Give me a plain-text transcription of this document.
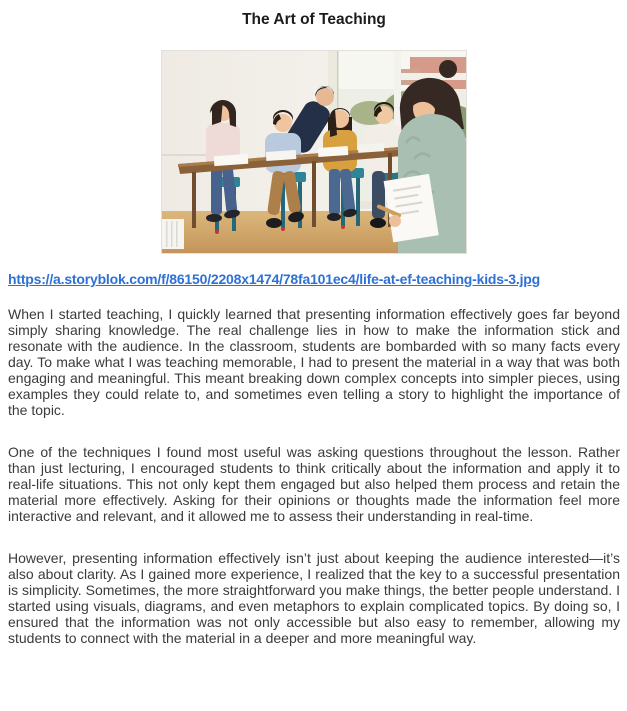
The Art of Teaching
https://a.storyblok.com/f/86150/2208x1474/78fa101ec4/life-at-ef-teaching-kids-3.jpg

When I started teaching, I quickly learned that presenting information effectively goes far beyond simply sharing knowledge. The real challenge lies in how to make the information stick and resonate with the audience. In the classroom, students are bombarded with so many facts every day. To make what I was teaching memorable, I had to present the material in a way that was both engaging and meaningful. This meant breaking down complex concepts into simpler pieces, using examples they could relate to, and sometimes even telling a story to highlight the importance of the topic.

One of the techniques I found most useful was asking questions throughout the lesson. Rather than just lecturing, I encouraged students to think critically about the information and apply it to real-life situations. This not only kept them engaged but also helped them process and retain the material more effectively. Asking for their opinions or thoughts made the information feel more interactive and relevant, and it allowed me to assess their understanding in real-time.

However, presenting information effectively isn’t just about keeping the audience interested—it’s also about clarity. As I gained more experience, I realized that the key to a successful presentation is simplicity. Sometimes, the more straightforward you make things, the better people understand. I started using visuals, diagrams, and even metaphors to explain complicated topics. By doing so, I ensured that the information was not only accessible but also easy to remember, allowing my students to connect with the material in a deeper and more meaningful way.
